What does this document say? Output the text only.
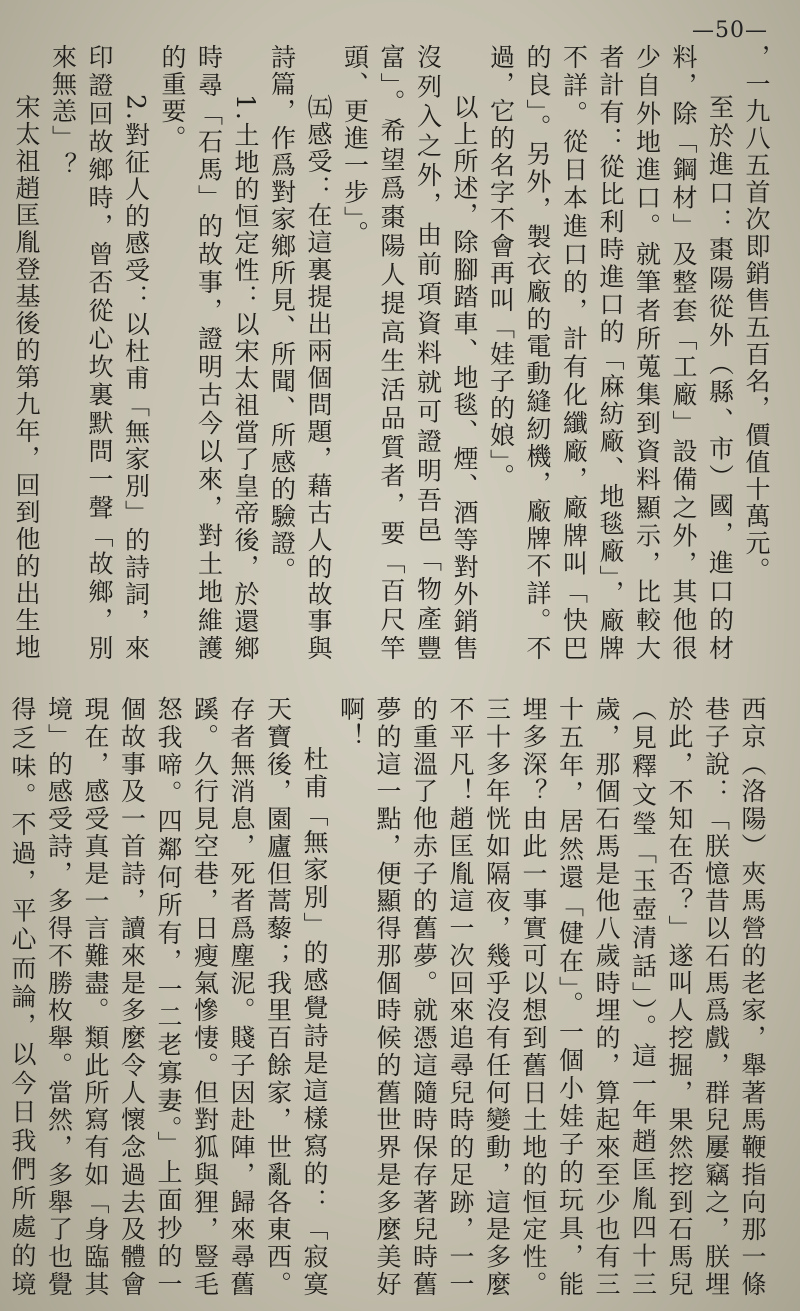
—50—

，一九八五首次即銷售五百名，價值十萬元。

至於進口：棗陽從外（縣、市）國，進口的材料，除「鋼材」及整套「工廠」設備之外，其他很少自外地進口。就筆者所蒐集到資料顯示，比較大者計有：從比利時進口的「麻紡廠、地毯廠」，廠牌不詳。從日本進口的，計有化纖廠，廠牌叫「快巴的良」。另外，製衣廠的電動縫紉機，廠牌不詳。不過，它的名字不會再叫「娃子的娘」。

以上所述，除腳踏車、地毯、煙、酒等對外銷售沒列入之外，由前項資料就可證明吾邑「物產豐富」。希望爲棗陽人提高生活品質者，要「百尺竿頭、更進一步」。

㈤感受：在這裏提出兩個問題，藉古人的故事與詩篇，作爲對家鄉所見、所聞、所感的驗證。

1.土地的恒定性：以宋太祖當了皇帝後，於還鄉時尋「石馬」的故事，證明古今以來，對土地維護的重要。

2.對征人的感受：以杜甫「無家別」的詩詞，來印證回故鄉時，曾否從心坎裏默問一聲「故鄉，別來無恙」？

宋太祖趙匡胤登基後的第九年，回到他的出生地

西京（洛陽）夾馬營的老家，舉著馬鞭指向那一條巷子說：「朕憶昔以石馬爲戲，群兒屢竊之，朕埋於此，不知在否？」遂叫人挖掘，果然挖到石馬兒（見釋文瑩「玉壺清話」）。這一年趙匡胤四十三歲，那個石馬是他八歲時埋的，算起來至少也有三十五年，居然還「健在」。一個小娃子的玩具，能埋多深？由此一事實可以想到舊日土地的恒定性。三十多年恍如隔夜，幾乎沒有任何變動，這是多麼不平凡！趙匡胤這一次回來追尋兒時的足跡，一一的重溫了他赤子的舊夢。就憑這隨時保存著兒時舊夢的這一點，便顯得那個時候的舊世界是多麼美好啊！

杜甫「無家別」的感覺詩是這樣寫的：「寂寞天寶後，園廬但蒿藜；我里百餘家，世亂各東西。存者無消息，死者爲塵泥。賤子因赴陣，歸來尋舊蹊。久行見空巷，日瘦氣慘悽。但對狐與狸，豎毛怒我啼。四鄰何所有，一二老寡妻。」上面抄的一個故事及一首詩，讀來是多麼令人懷念過去及體會現在，感受真是一言難盡。類此所寫有如「身臨其境」的感受詩，多得不勝枚舉。當然，多舉了也覺得乏味。不過，平心而論，以今日我們所處的境
